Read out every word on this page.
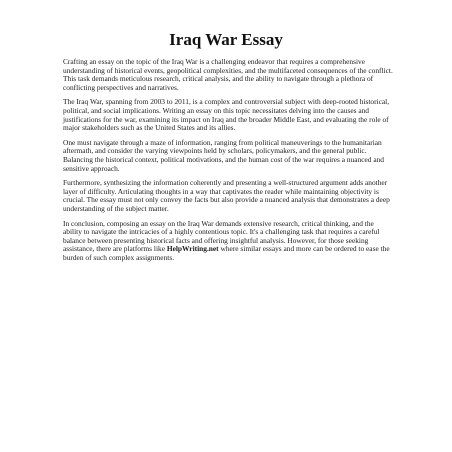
Iraq War Essay

Crafting an essay on the topic of the Iraq War is a challenging endeavor that requires a comprehensive understanding of historical events, geopolitical complexities, and the multifaceted consequences of the conflict. This task demands meticulous research, critical analysis, and the ability to navigate through a plethora of conflicting perspectives and narratives.

The Iraq War, spanning from 2003 to 2011, is a complex and controversial subject with deep-rooted historical, political, and social implications. Writing an essay on this topic necessitates delving into the causes and justifications for the war, examining its impact on Iraq and the broader Middle East, and evaluating the role of major stakeholders such as the United States and its allies.

One must navigate through a maze of information, ranging from political maneuverings to the humanitarian aftermath, and consider the varying viewpoints held by scholars, policymakers, and the general public. Balancing the historical context, political motivations, and the human cost of the war requires a nuanced and sensitive approach.

Furthermore, synthesizing the information coherently and presenting a well-structured argument adds another layer of difficulty. Articulating thoughts in a way that captivates the reader while maintaining objectivity is crucial. The essay must not only convey the facts but also provide a nuanced analysis that demonstrates a deep understanding of the subject matter.

In conclusion, composing an essay on the Iraq War demands extensive research, critical thinking, and the ability to navigate the intricacies of a highly contentious topic. It's a challenging task that requires a careful balance between presenting historical facts and offering insightful analysis. However, for those seeking assistance, there are platforms like HelpWriting.net where similar essays and more can be ordered to ease the burden of such complex assignments.
